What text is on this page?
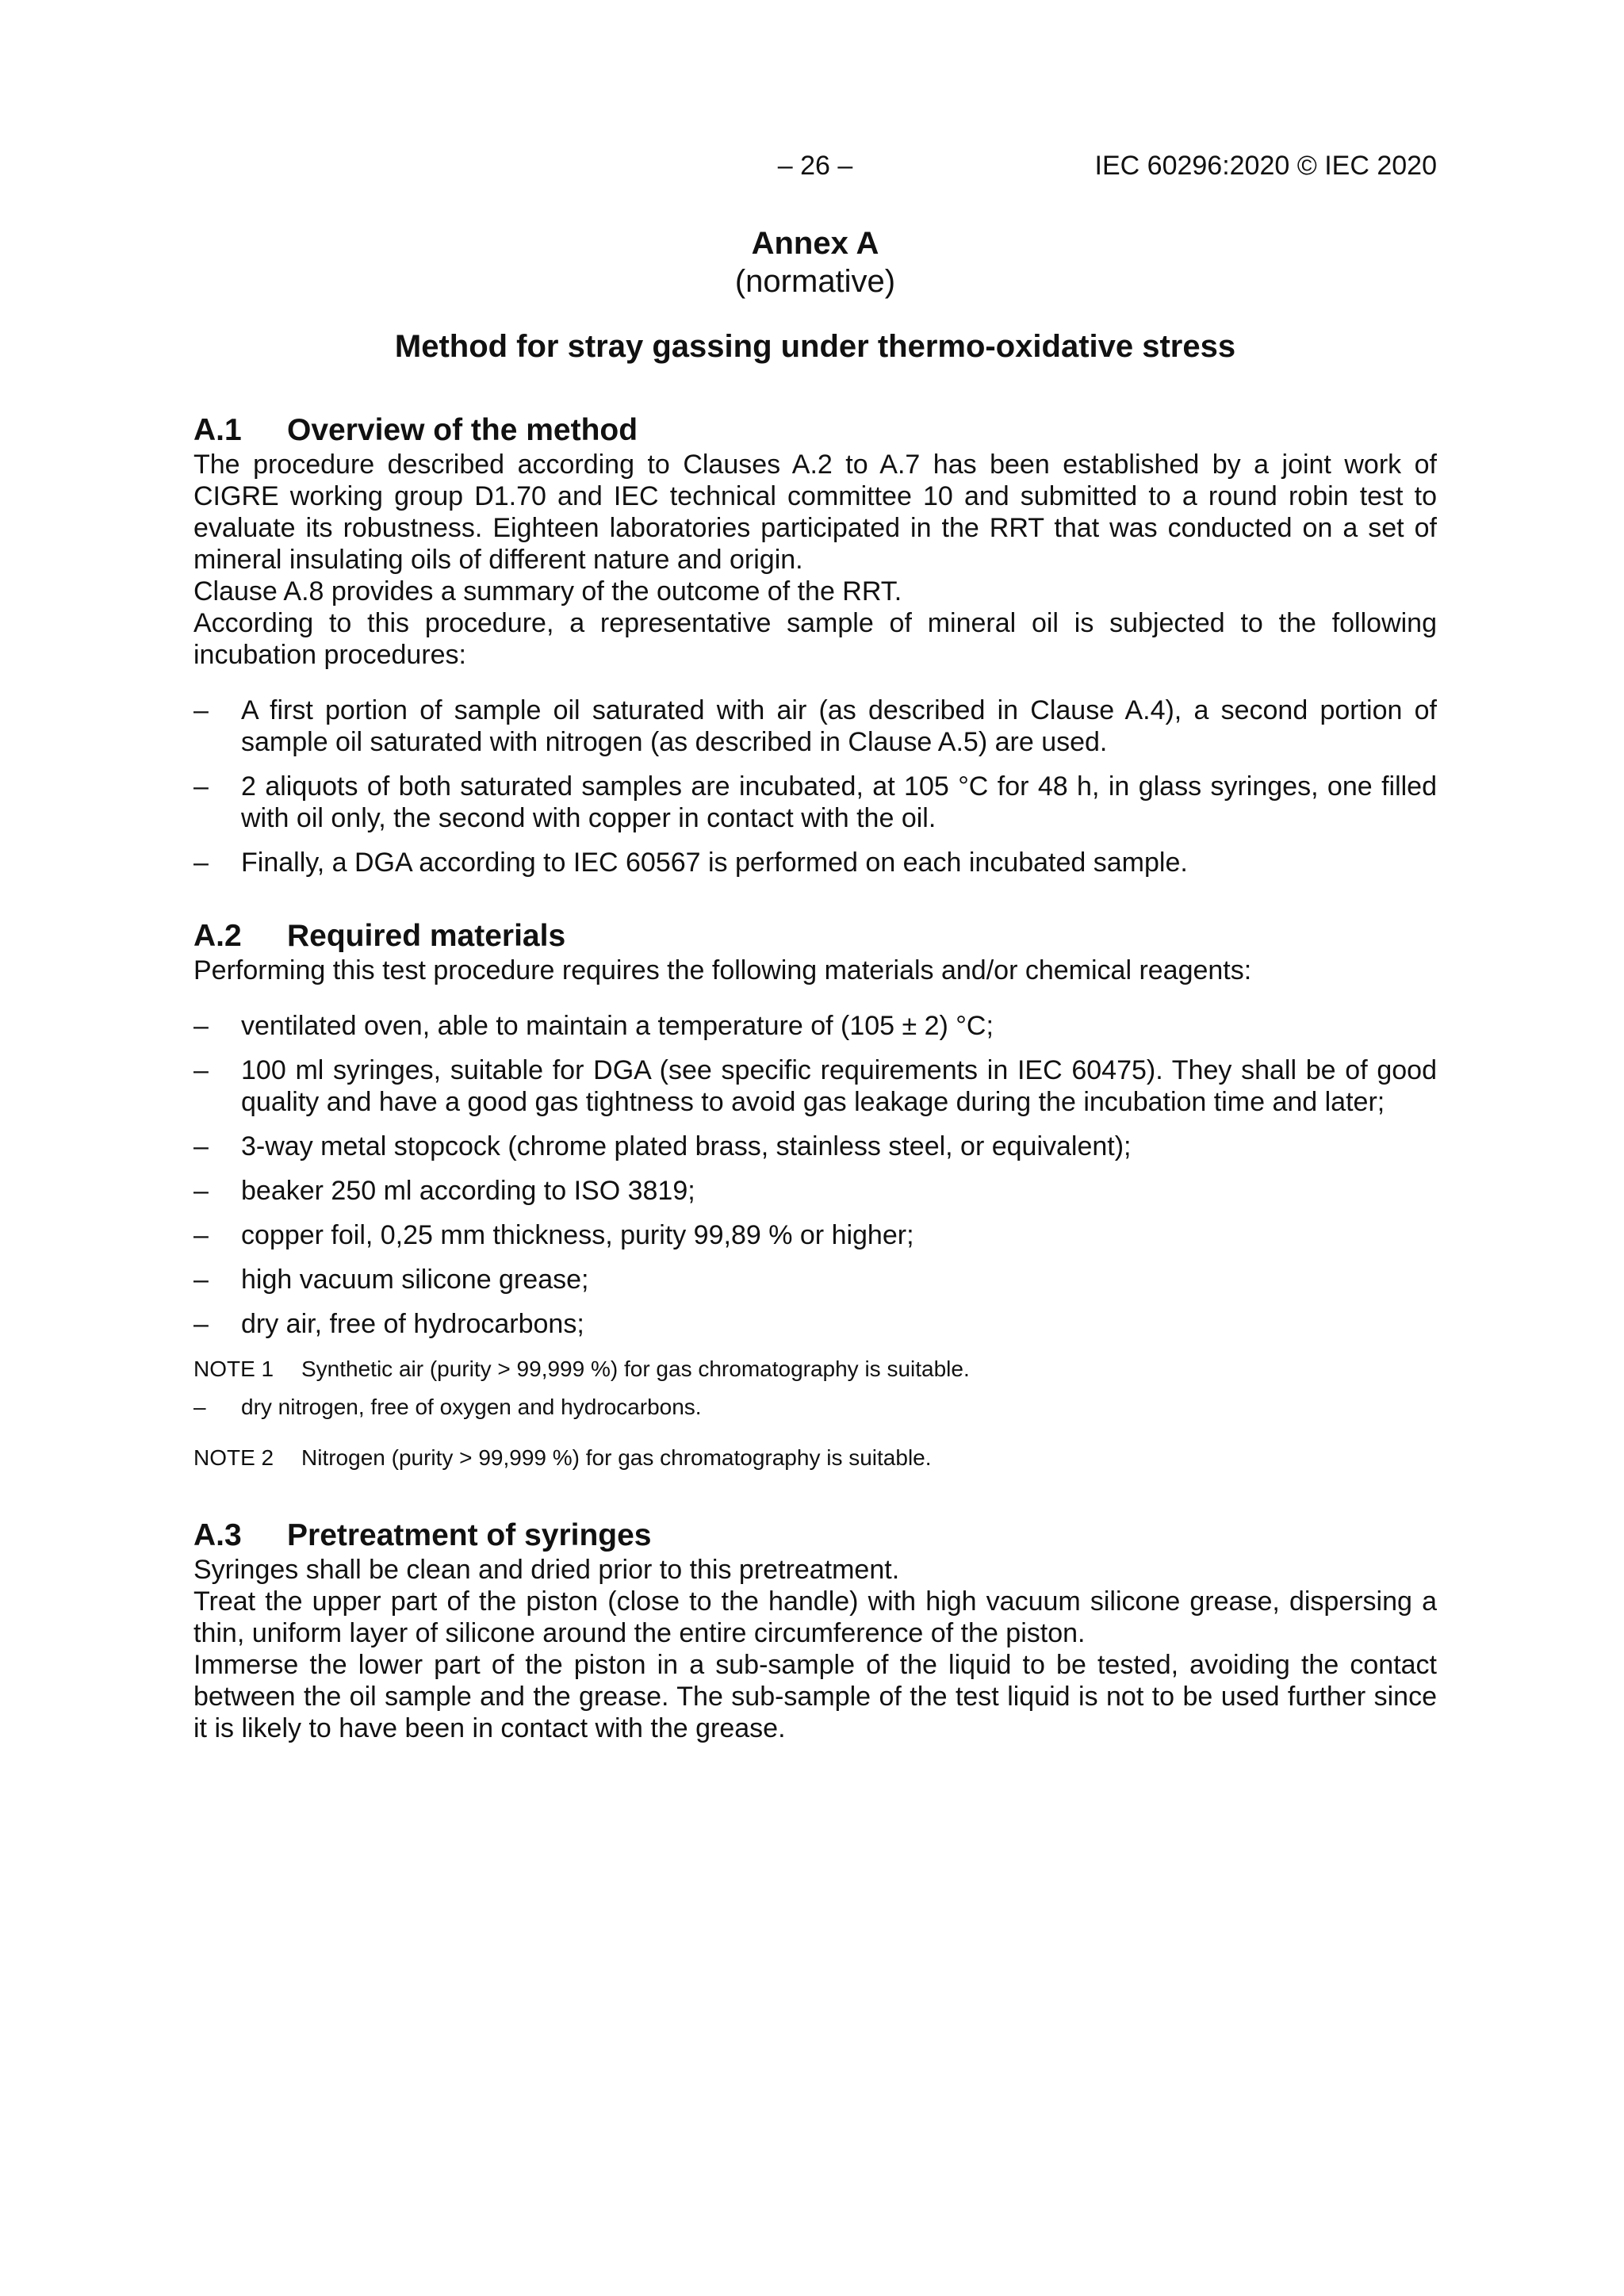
– 26 –	IEC 60296:2020 © IEC 2020
Annex A
(normative)
Method for stray gassing under thermo-oxidative stress
A.1	Overview of the method

The procedure described according to Clauses A.2 to A.7 has been established by a joint work of CIGRE working group D1.70 and IEC technical committee 10 and submitted to a round robin test to evaluate its robustness. Eighteen laboratories participated in the RRT that was conducted on a set of mineral insulating oils of different nature and origin.

Clause A.8 provides a summary of the outcome of the RRT.

According to this procedure, a representative sample of mineral oil is subjected to the following incubation procedures:

– A first portion of sample oil saturated with air (as described in Clause A.4), a second portion of sample oil saturated with nitrogen (as described in Clause A.5) are used.
– 2 aliquots of both saturated samples are incubated, at 105 °C for 48 h, in glass syringes, one filled with oil only, the second with copper in contact with the oil.
– Finally, a DGA according to IEC 60567 is performed on each incubated sample.
A.2	Required materials

Performing this test procedure requires the following materials and/or chemical reagents:

– ventilated oven, able to maintain a temperature of (105 ± 2) °C;
– 100 ml syringes, suitable for DGA (see specific requirements in IEC 60475). They shall be of good quality and have a good gas tightness to avoid gas leakage during the incubation time and later;
– 3-way metal stopcock (chrome plated brass, stainless steel, or equivalent);
– beaker 250 ml according to ISO 3819;
– copper foil, 0,25 mm thickness, purity 99,89 % or higher;
– high vacuum silicone grease;
– dry air, free of hydrocarbons;
NOTE 1 Synthetic air (purity > 99,999 %) for gas chromatography is suitable.
– dry nitrogen, free of oxygen and hydrocarbons.
NOTE 2 Nitrogen (purity > 99,999 %) for gas chromatography is suitable.
A.3	Pretreatment of syringes

Syringes shall be clean and dried prior to this pretreatment.

Treat the upper part of the piston (close to the handle) with high vacuum silicone grease, dispersing a thin, uniform layer of silicone around the entire circumference of the piston.

Immerse the lower part of the piston in a sub-sample of the liquid to be tested, avoiding the contact between the oil sample and the grease. The sub-sample of the test liquid is not to be used further since it is likely to have been in contact with the grease.
